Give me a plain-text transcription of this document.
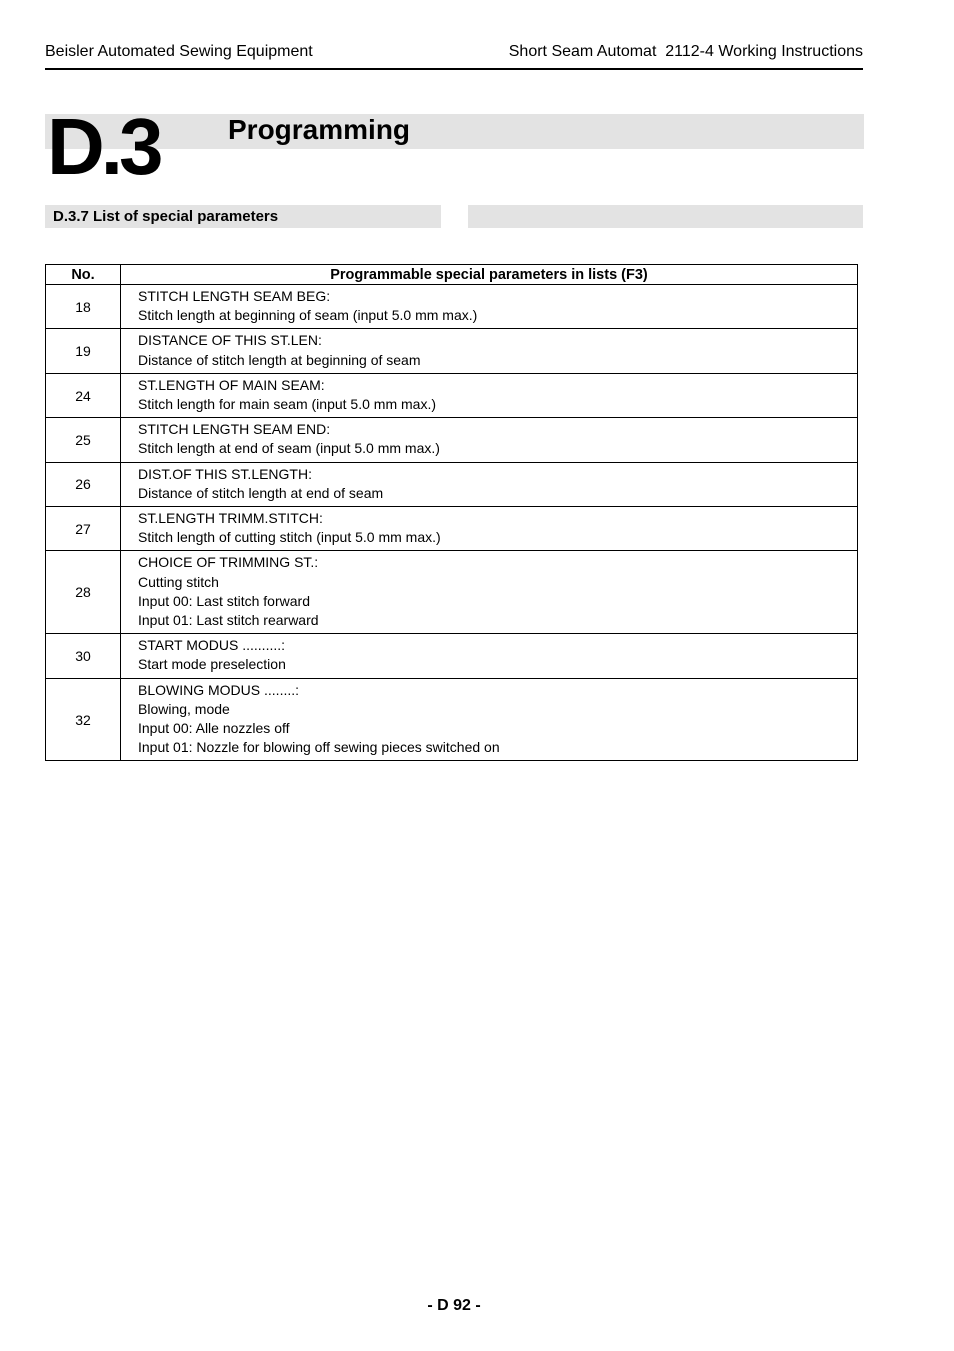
Beisler Automated Sewing Equipment	Short Seam Automat  2112-4 Working Instructions
D.3 Programming
D.3.7 List of special parameters
No.	Programmable special parameters in lists (F3)
18	STITCH LENGTH SEAM BEG:
Stitch length at beginning of seam (input 5.0 mm max.)

19	DISTANCE OF THIS ST.LEN:
Distance of stitch length at beginning of seam

24	ST.LENGTH OF MAIN SEAM:
Stitch length for main seam (input 5.0 mm max.)

25	STITCH LENGTH SEAM END:
Stitch length at end of seam (input 5.0 mm max.)

26	DIST.OF THIS ST.LENGTH:
Distance of stitch length at end of seam

27	ST.LENGTH TRIMM.STITCH:
Stitch length of cutting stitch (input 5.0 mm max.)

28	CHOICE OF TRIMMING ST.:
Cutting stitch
Input 00: Last stitch forward
Input 01: Last stitch rearward

30	START MODUS ..........:
Start mode preselection

32	BLOWING MODUS ........:
Blowing, mode
Input 00: Alle nozzles off
Input 01: Nozzle for blowing off sewing pieces switched on
- D 92 -
